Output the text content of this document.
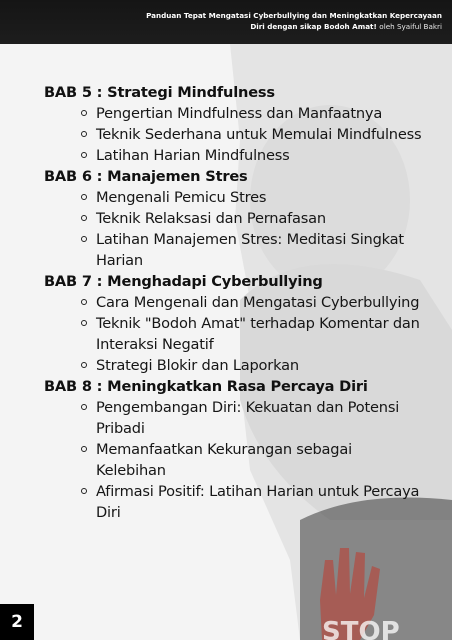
STOP
Panduan Tepat Mengatasi Cyberbullying dan Meningkatkan Kepercayaan Diri dengan sikap Bodoh Amat! oleh Syaiful Bakri
BAB 5 : Strategi Mindfulness
Pengertian Mindfulness dan Manfaatnya
Teknik Sederhana untuk Memulai Mindfulness
Latihan Harian Mindfulness
BAB 6 : Manajemen Stres
Mengenali Pemicu Stres
Teknik Relaksasi dan Pernafasan
Latihan Manajemen Stres: Meditasi Singkat Harian
BAB 7 : Menghadapi Cyberbullying
Cara Mengenali dan Mengatasi Cyberbullying
Teknik "Bodoh Amat" terhadap Komentar dan Interaksi Negatif
Strategi Blokir dan Laporkan
BAB 8 : Meningkatkan Rasa Percaya Diri
Pengembangan Diri: Kekuatan dan Potensi Pribadi
Memanfaatkan Kekurangan sebagai Kelebihan
Afirmasi Positif: Latihan Harian untuk Percaya Diri
2
